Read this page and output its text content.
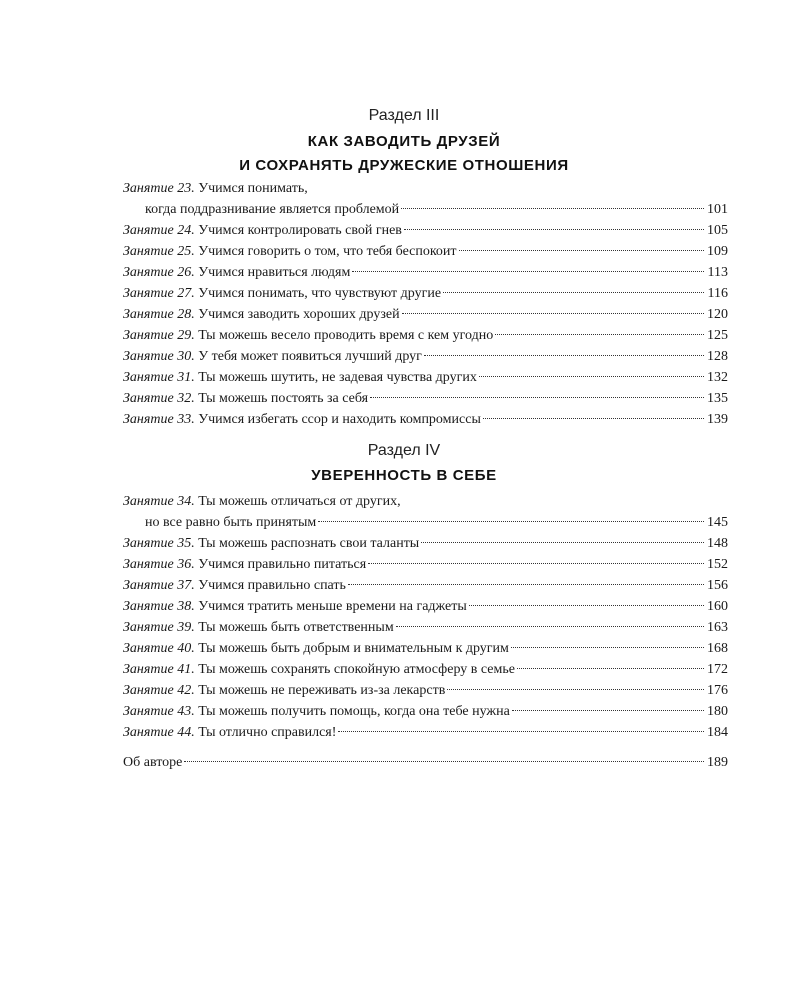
Раздел III
КАК ЗАВОДИТЬ ДРУЗЕЙ
И СОХРАНЯТЬ ДРУЖЕСКИЕ ОТНОШЕНИЯ
Занятие 23. Учимся понимать,
когда поддразнивание является проблемой	101
Занятие 24. Учимся контролировать свой гнев	105
Занятие 25. Учимся говорить о том, что тебя беспокоит	109
Занятие 26. Учимся нравиться людям	113
Занятие 27. Учимся понимать, что чувствуют другие	116
Занятие 28. Учимся заводить хороших друзей	120
Занятие 29. Ты можешь весело проводить время с кем угодно	125
Занятие 30. У тебя может появиться лучший друг	128
Занятие 31. Ты можешь шутить, не задевая чувства других	132
Занятие 32. Ты можешь постоять за себя	135
Занятие 33. Учимся избегать ссор и находить компромиссы	139
Раздел IV
УВЕРЕННОСТЬ В СЕБЕ
Занятие 34. Ты можешь отличаться от других,
но все равно быть принятым	145
Занятие 35. Ты можешь распознать свои таланты	148
Занятие 36. Учимся правильно питаться	152
Занятие 37. Учимся правильно спать	156
Занятие 38. Учимся тратить меньше времени на гаджеты	160
Занятие 39. Ты можешь быть ответственным	163
Занятие 40. Ты можешь быть добрым и внимательным к другим	168
Занятие 41. Ты можешь сохранять спокойную атмосферу в семье	172
Занятие 42. Ты можешь не переживать из-за лекарств	176
Занятие 43. Ты можешь получить помощь, когда она тебе нужна	180
Занятие 44. Ты отлично справился!	184
Об авторе	189
